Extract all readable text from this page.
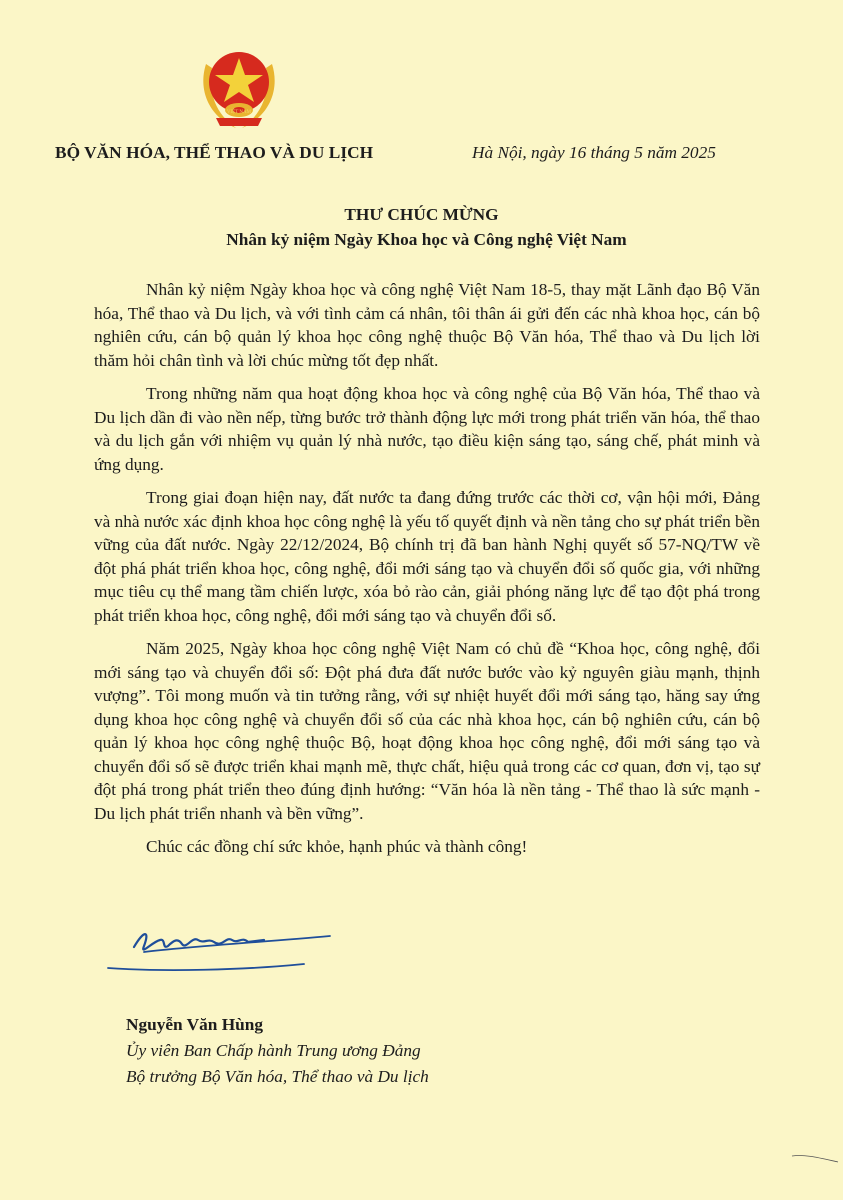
VIỆT NAM
BỘ VĂN HÓA, THỂ THAO VÀ DU LỊCH	Hà Nội, ngày 16 tháng 5 năm 2025
THƯ CHÚC MỪNG
Nhân kỷ niệm Ngày Khoa học và Công nghệ Việt Nam

Nhân kỷ niệm Ngày khoa học và công nghệ Việt Nam 18-5, thay mặt Lãnh đạo Bộ Văn hóa, Thể thao và Du lịch, và với tình cảm cá nhân, tôi thân ái gửi đến các nhà khoa học, cán bộ nghiên cứu, cán bộ quản lý khoa học công nghệ thuộc Bộ Văn hóa, Thể thao và Du lịch lời thăm hỏi chân tình và lời chúc mừng tốt đẹp nhất.

Trong những năm qua hoạt động khoa học và công nghệ của Bộ Văn hóa, Thể thao và Du lịch dần đi vào nền nếp, từng bước trở thành động lực mới trong phát triển văn hóa, thể thao và du lịch gắn với nhiệm vụ quản lý nhà nước, tạo điều kiện sáng tạo, sáng chế, phát minh và ứng dụng.

Trong giai đoạn hiện nay, đất nước ta đang đứng trước các thời cơ, vận hội mới, Đảng và nhà nước xác định khoa học công nghệ là yếu tố quyết định và nền tảng cho sự phát triển bền vững của đất nước. Ngày 22/12/2024, Bộ chính trị đã ban hành Nghị quyết số 57-NQ/TW về đột phá phát triển khoa học, công nghệ, đổi mới sáng tạo và chuyển đổi số quốc gia, với những mục tiêu cụ thể mang tầm chiến lược, xóa bỏ rào cản, giải phóng năng lực để tạo đột phá trong phát triển khoa học, công nghệ, đổi mới sáng tạo và chuyển đổi số.

Năm 2025, Ngày khoa học công nghệ Việt Nam có chủ đề “Khoa học, công nghệ, đổi mới sáng tạo và chuyển đổi số: Đột phá đưa đất nước bước vào kỷ nguyên giàu mạnh, thịnh vượng”. Tôi mong muốn và tin tưởng rằng, với sự nhiệt huyết đổi mới sáng tạo, hăng say ứng dụng khoa học công nghệ và chuyển đổi số của các nhà khoa học, cán bộ nghiên cứu, cán bộ quản lý khoa học công nghệ thuộc Bộ, hoạt động khoa học công nghệ, đổi mới sáng tạo và chuyển đổi số sẽ được triển khai mạnh mẽ, thực chất, hiệu quả trong các cơ quan, đơn vị, tạo sự đột phá trong phát triển theo đúng định hướng: “Văn hóa là nền tảng - Thể thao là sức mạnh - Du lịch phát triển nhanh và bền vững”.

Chúc các đồng chí sức khỏe, hạnh phúc và thành công!

Nguyễn Văn Hùng
Ủy viên Ban Chấp hành Trung ương Đảng
Bộ trưởng Bộ Văn hóa, Thể thao và Du lịch
